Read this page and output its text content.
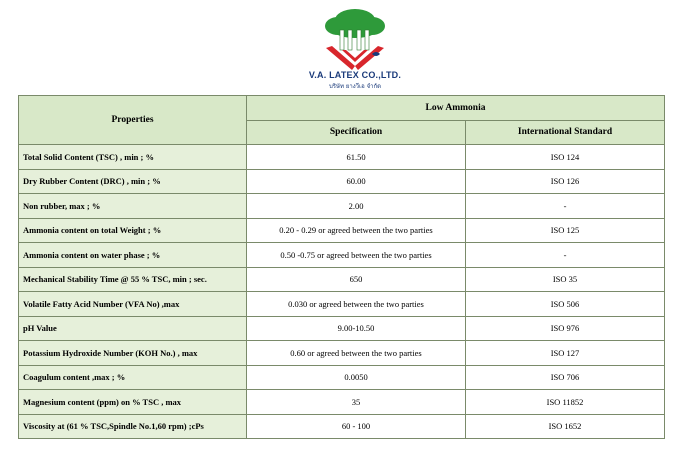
V.A. LATEX CO.,LTD.
บริษัท ยางวีเอ จำกัด
Properties	Low Ammonia	
	Specification	International Standard
Total Solid Content (TSC) , min ; %	61.50	ISO 124
Dry Rubber Content (DRC) , min ; %	60.00	ISO 126
Non rubber, max ; %	2.00	-
Ammonia content on total Weight ; %	0.20 - 0.29 or agreed between the two parties	ISO 125
Ammonia content on water phase ; %	0.50 -0.75 or agreed between the two parties	-
Mechanical Stability Time @ 55 % TSC, min ; sec.	650	ISO 35
Volatile Fatty Acid Number (VFA No) ,max	0.030 or agreed between the two parties	ISO 506
pH Value	9.00-10.50	ISO 976
Potassium Hydroxide Number (KOH No.) , max	0.60 or agreed between the two parties	ISO 127
Coagulum content ,max ; %	0.0050	ISO 706
Magnesium content (ppm) on % TSC , max	35	ISO 11852
Viscosity at (61 % TSC,Spindle No.1,60 rpm) ;cPs	60 - 100	ISO 1652
